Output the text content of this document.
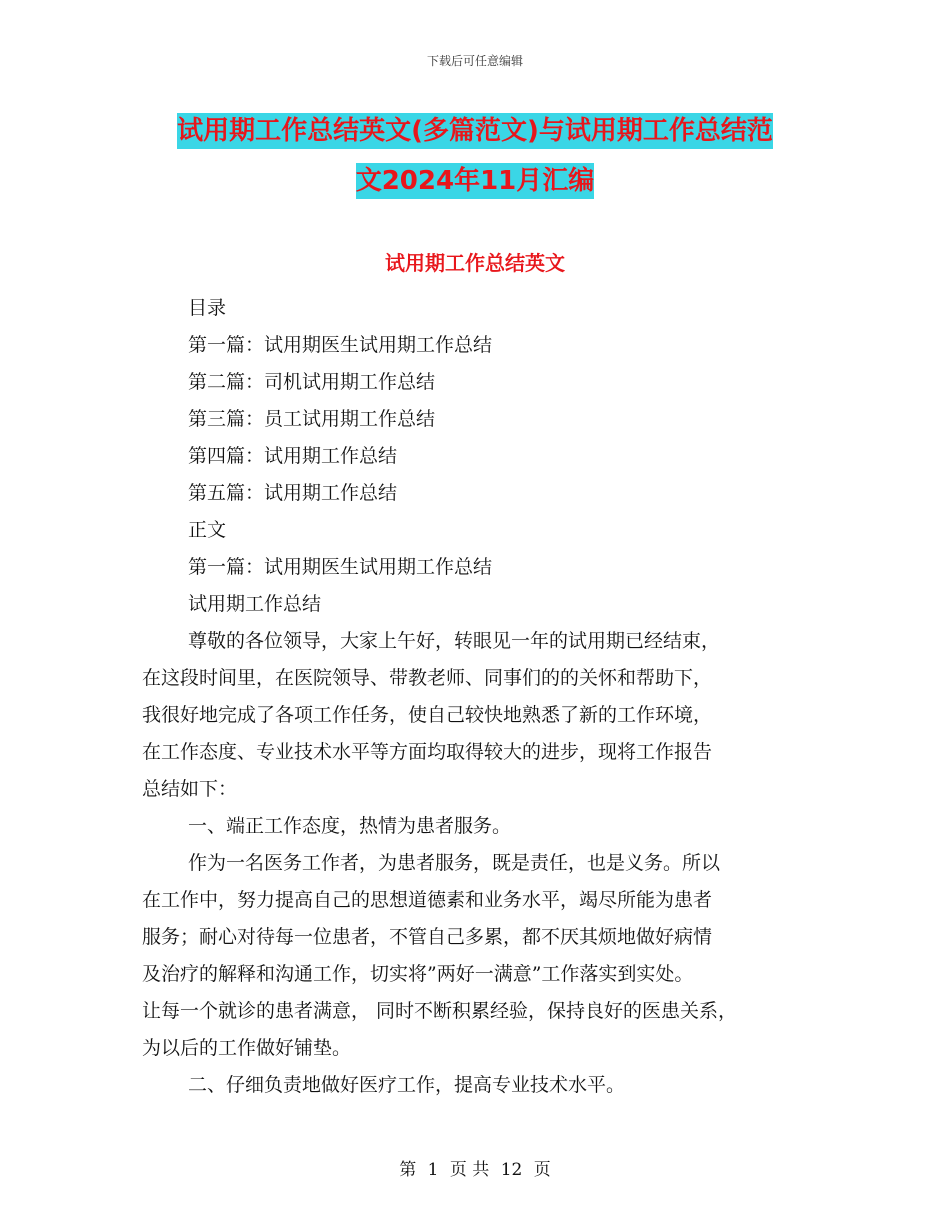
下载后可任意编辑
试用期工作总结英文(多篇范文)与试用期工作总结范
文2024年11月汇编
试用期工作总结英文

目录

第一篇：试用期医生试用期工作总结

第二篇：司机试用期工作总结

第三篇：员工试用期工作总结

第四篇：试用期工作总结

第五篇：试用期工作总结

正文

第一篇：试用期医生试用期工作总结

试用期工作总结

尊敬的各位领导，大家上午好，转眼见一年的试用期已经结束，

在这段时间里，在医院领导、带教老师、同事们的的关怀和帮助下，

我很好地完成了各项工作任务，使自己较快地熟悉了新的工作环境，

在工作态度、专业技术水平等方面均取得较大的进步，现将工作报告

总结如下：

一、端正工作态度，热情为患者服务。

作为一名医务工作者，为患者服务，既是责任，也是义务。所以

在工作中，努力提高自己的思想道德素和业务水平，竭尽所能为患者

服务；耐心对待每一位患者，不管自己多累，都不厌其烦地做好病情

及治疗的解释和沟通工作，切实将”两好一满意”工作落实到实处。

让每一个就诊的患者满意， 同时不断积累经验，保持良好的医患关系，

为以后的工作做好铺垫。

二、仔细负责地做好医疗工作，提高专业技术水平。

第 1 页 共 12 页
